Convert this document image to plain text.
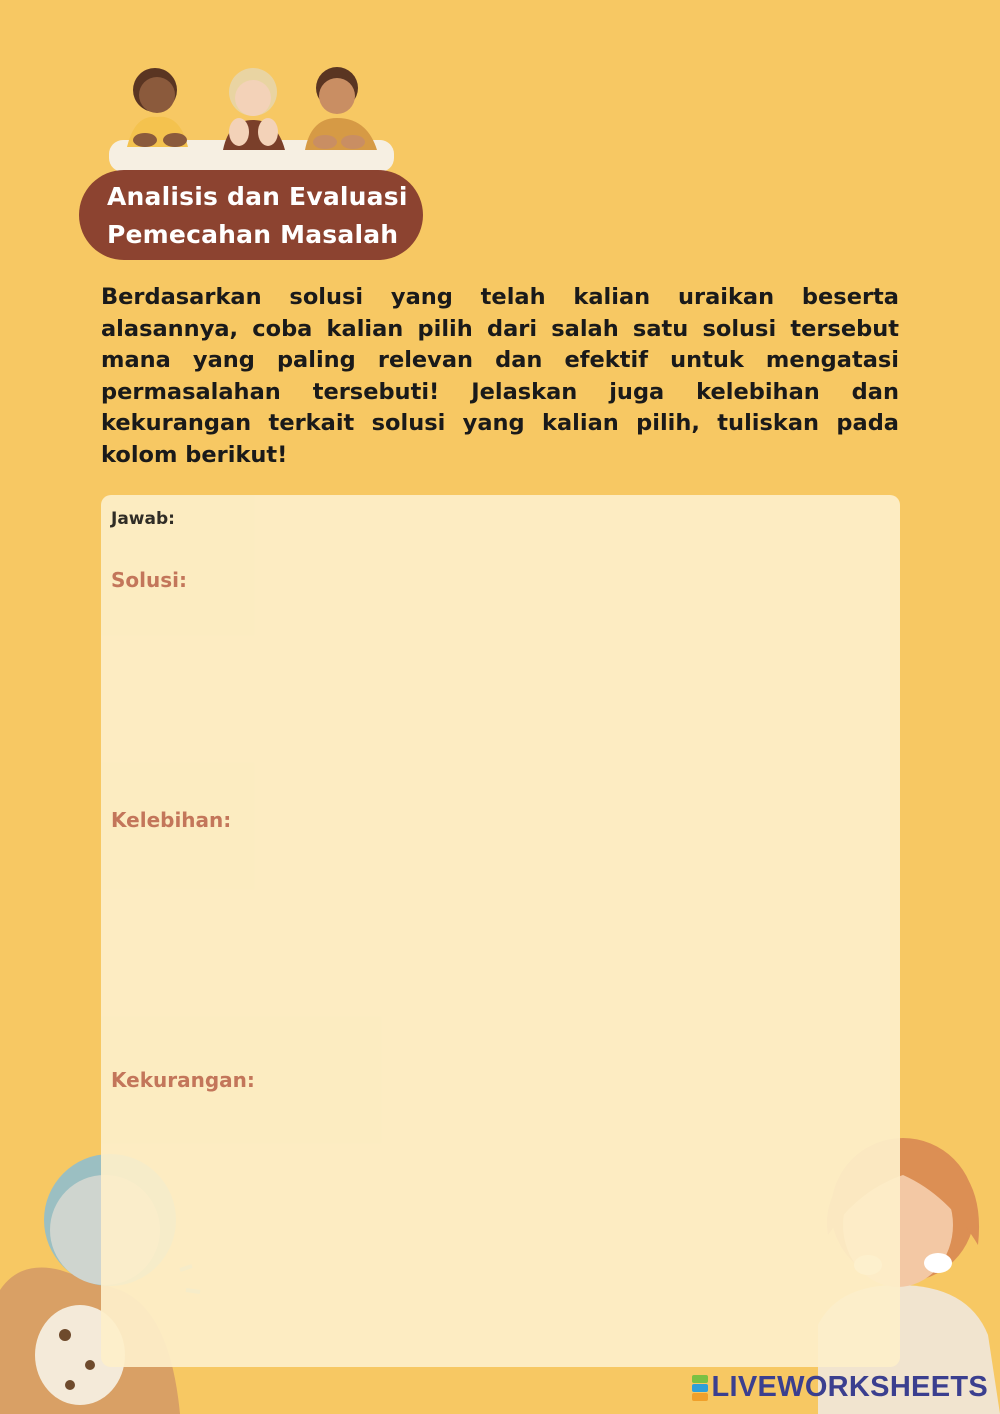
Analisis dan Evaluasi
Pemecahan Masalah

Berdasarkan solusi yang telah kalian uraikan beserta alasannya, coba kalian pilih dari salah satu solusi tersebut mana yang paling relevan dan efektif untuk mengatasi permasalahan tersebuti! Jelaskan juga kelebihan dan kekurangan terkait solusi yang kalian pilih, tuliskan pada kolom berikut!

Jawab:
Solusi:
Kelebihan:
Kekurangan:
LIVEWORKSHEETS
